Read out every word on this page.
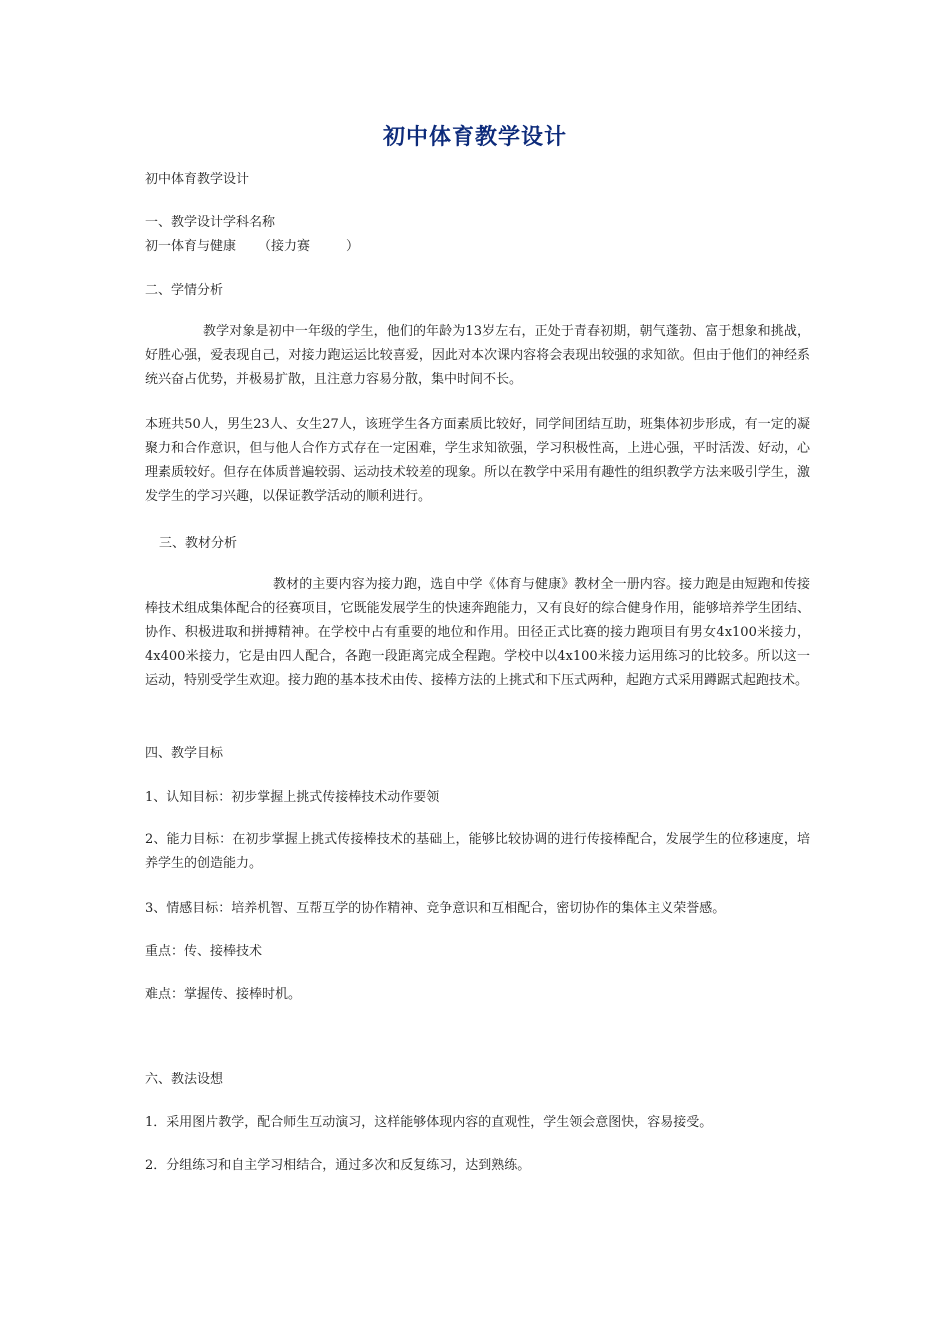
初中体育教学设计
初中体育教学设计
一、教学设计学科名称
初一体育与健康 （接力赛	）
二、学情分析
教学对象是初中一年级的学生，他们的年龄为13岁左右，正处于青春初期，朝气蓬勃、富于想象和挑战，好胜心强，爱表现自己，对接力跑运运比较喜爱，因此对本次课内容将会表现出较强的求知欲。但由于他们的神经系统兴奋占优势，并极易扩散，且注意力容易分散，集中时间不长。
本班共50人，男生23人、女生27人，该班学生各方面素质比较好，同学间团结互助，班集体初步形成，有一定的凝聚力和合作意识，但与他人合作方式存在一定困难，学生求知欲强，学习积极性高，上进心强，平时活泼、好动，心理素质较好。但存在体质普遍较弱、运动技术较差的现象。所以在教学中采用有趣性的组织教学方法来吸引学生，激发学生的学习兴趣，以保证教学活动的顺利进行。
三、教材分析
教材的主要内容为接力跑，选自中学《体育与健康》教材全一册内容。接力跑是由短跑和传接棒技术组成集体配合的径赛项目，它既能发展学生的快速奔跑能力，又有良好的综合健身作用，能够培养学生团结、协作、积极进取和拼搏精神。在学校中占有重要的地位和作用。田径正式比赛的接力跑项目有男女4x100米接力，4x400米接力，它是由四人配合，各跑一段距离完成全程跑。学校中以4x100米接力运用练习的比较多。所以这一运动，特别受学生欢迎。接力跑的基本技术由传、接棒方法的上挑式和下压式两种，起跑方式采用蹲踞式起跑技术。
四、教学目标
1、认知目标：初步掌握上挑式传接棒技术动作要领
2、能力目标：在初步掌握上挑式传接棒技术的基础上，能够比较协调的进行传接棒配合，发展学生的位移速度，培养学生的创造能力。
3、情感目标：培养机智、互帮互学的协作精神、竞争意识和互相配合，密切协作的集体主义荣誉感。
重点：传、接棒技术
难点：掌握传、接棒时机。
六、教法设想
1．采用图片教学，配合师生互动演习，这样能够体现内容的直观性，学生领会意图快，容易接受。
2．分组练习和自主学习相结合，通过多次和反复练习，达到熟练。
